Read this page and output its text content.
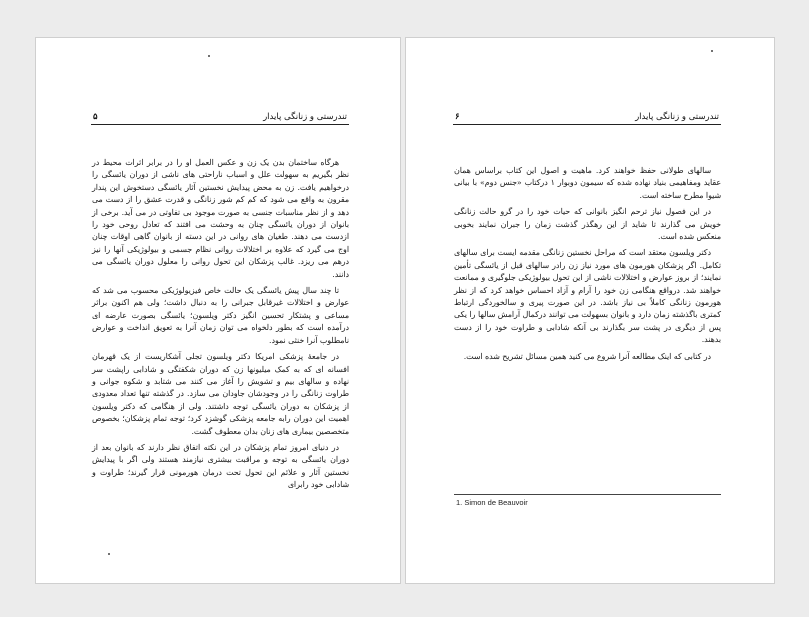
۵	تندرستی و زنانگی پایدار

هرگاه ساختمان بدن یک زن و عکس العمل او را در برابر اثرات محیط در نظر بگیریم به سهولت علل و اسباب ناراحتی های ناشی از دوران یائسگی را درخواهیم یافت. زن به محض پیدایش نخستین آثار یائسگی دستخوش این پندار مقرون به واقع می شود که کم کم شور زنانگی و قدرت عشق را از دست می دهد و از نظر مناسبات جنسی به صورت موجود بی تفاوتی در می آید. برخی از بانوان از دوران یائسگی چنان به وحشت می افتند که تعادل روحی خود را ازدست می دهند. طغیان های روانی در این دسته از بانوان گاهی اوقات چنان اوج می گیرد که علاوه بر اختلالات روانی نظام جسمی و بیولوژیکی آنها را نیز درهم می ریزد. غالب پزشکان این تحول روانی را معلول دوران یائسگی می دانند.

تا چند سال پیش یائسگی یک حالت خاص فیزیولوژیکی محسوب می شد که عوارض و اختلالات غیرقابل جبرانی را به دنبال داشت؛ ولی هم اکنون براثر مساعی و پشتکار تحسین انگیز دکتر ویلسون؛ یائسگی بصورت عارضه ای درآمده است که بطور دلخواه می توان زمان آنرا به تعویق انداخت و عوارض نامطلوب آنرا خنثی نمود.

در جامعهٔ پزشکی امریکا دکتر ویلسون تجلی آشکاریست از یک قهرمان افسانه ای که به کمک میلیونها زن که دوران شکفتگی و شادابی راپشت سر نهاده و سالهای بیم و تشویش را آغاز می کنند می شتابد و شکوه جوانی و طراوت زنانگی را در وجودشان جاودان می سازد. در گذشته تنها تعداد معدودی از پزشکان به دوران یائسگی توجه داشتند. ولی از هنگامی که دکتر ویلسون اهمیت این دوران رابه جامعه پزشکی گوشزد کرد؛ توجه تمام پزشکان؛ بخصوص متخصصین بیماری های زنان بدان معطوف گشت.

در دنیای امروز تمام پزشکان در این نکته اتفاق نظر دارند که بانوان بعد از دوران یائسگی به توجه و مراقبت بیشتری نیازمند هستند ولی اگر با پیدایش نخستین آثار و علائم این تحول تحت درمان هورمونی قرار گیرند؛ طراوت و شادابی خود رابرای

۶	تندرستی و زنانگی پایدار

سالهای طولانی حفظ خواهند کرد. ماهیت و اصول این کتاب براساس همان عقاید ومفاهیمی بنیاد نهاده شده که سیمون دوبوار ۱ درکتاب «جنس دوم» با بیانی شیوا مطرح ساخته است.

در این فصول نیاز ترحم انگیز بانوانی که حیات خود را در گرو حالت زنانگی خویش می گذارند تا شاید از این رهگذر گذشت زمان را جبران نمایند بخوبی منعکس شده است.

دکتر ویلسون معتقد است که مراحل نخستین زنانگی مقدمه ایست برای سالهای تکامل. اگر پزشکان هورمون های مورد نیاز زن رادر سالهای قبل از یائسگی تأمین نمایند؛ از بروز عوارض و اختلالات ناشی از این تحول بیولوژیکی جلوگیری و ممانعت خواهند شد. درواقع هنگامی زن خود را آرام و آزاد احساس خواهد کرد که از نظر هورمون زنانگی کاملاً بی نیاز باشد. در این صورت پیری و سالخوردگی ارتباط کمتری باگذشته زمان دارد و بانوان بسهولت می توانند درکمال آرامش سالها را یکی پس از دیگری در پشت سر بگذارند بی آنکه شادابی و طراوت خود را از دست بدهند.

در کتابی که اینک مطالعه آنرا شروع می کنید همین مسائل تشریح شده است.

1. Simon de Beauvoir
